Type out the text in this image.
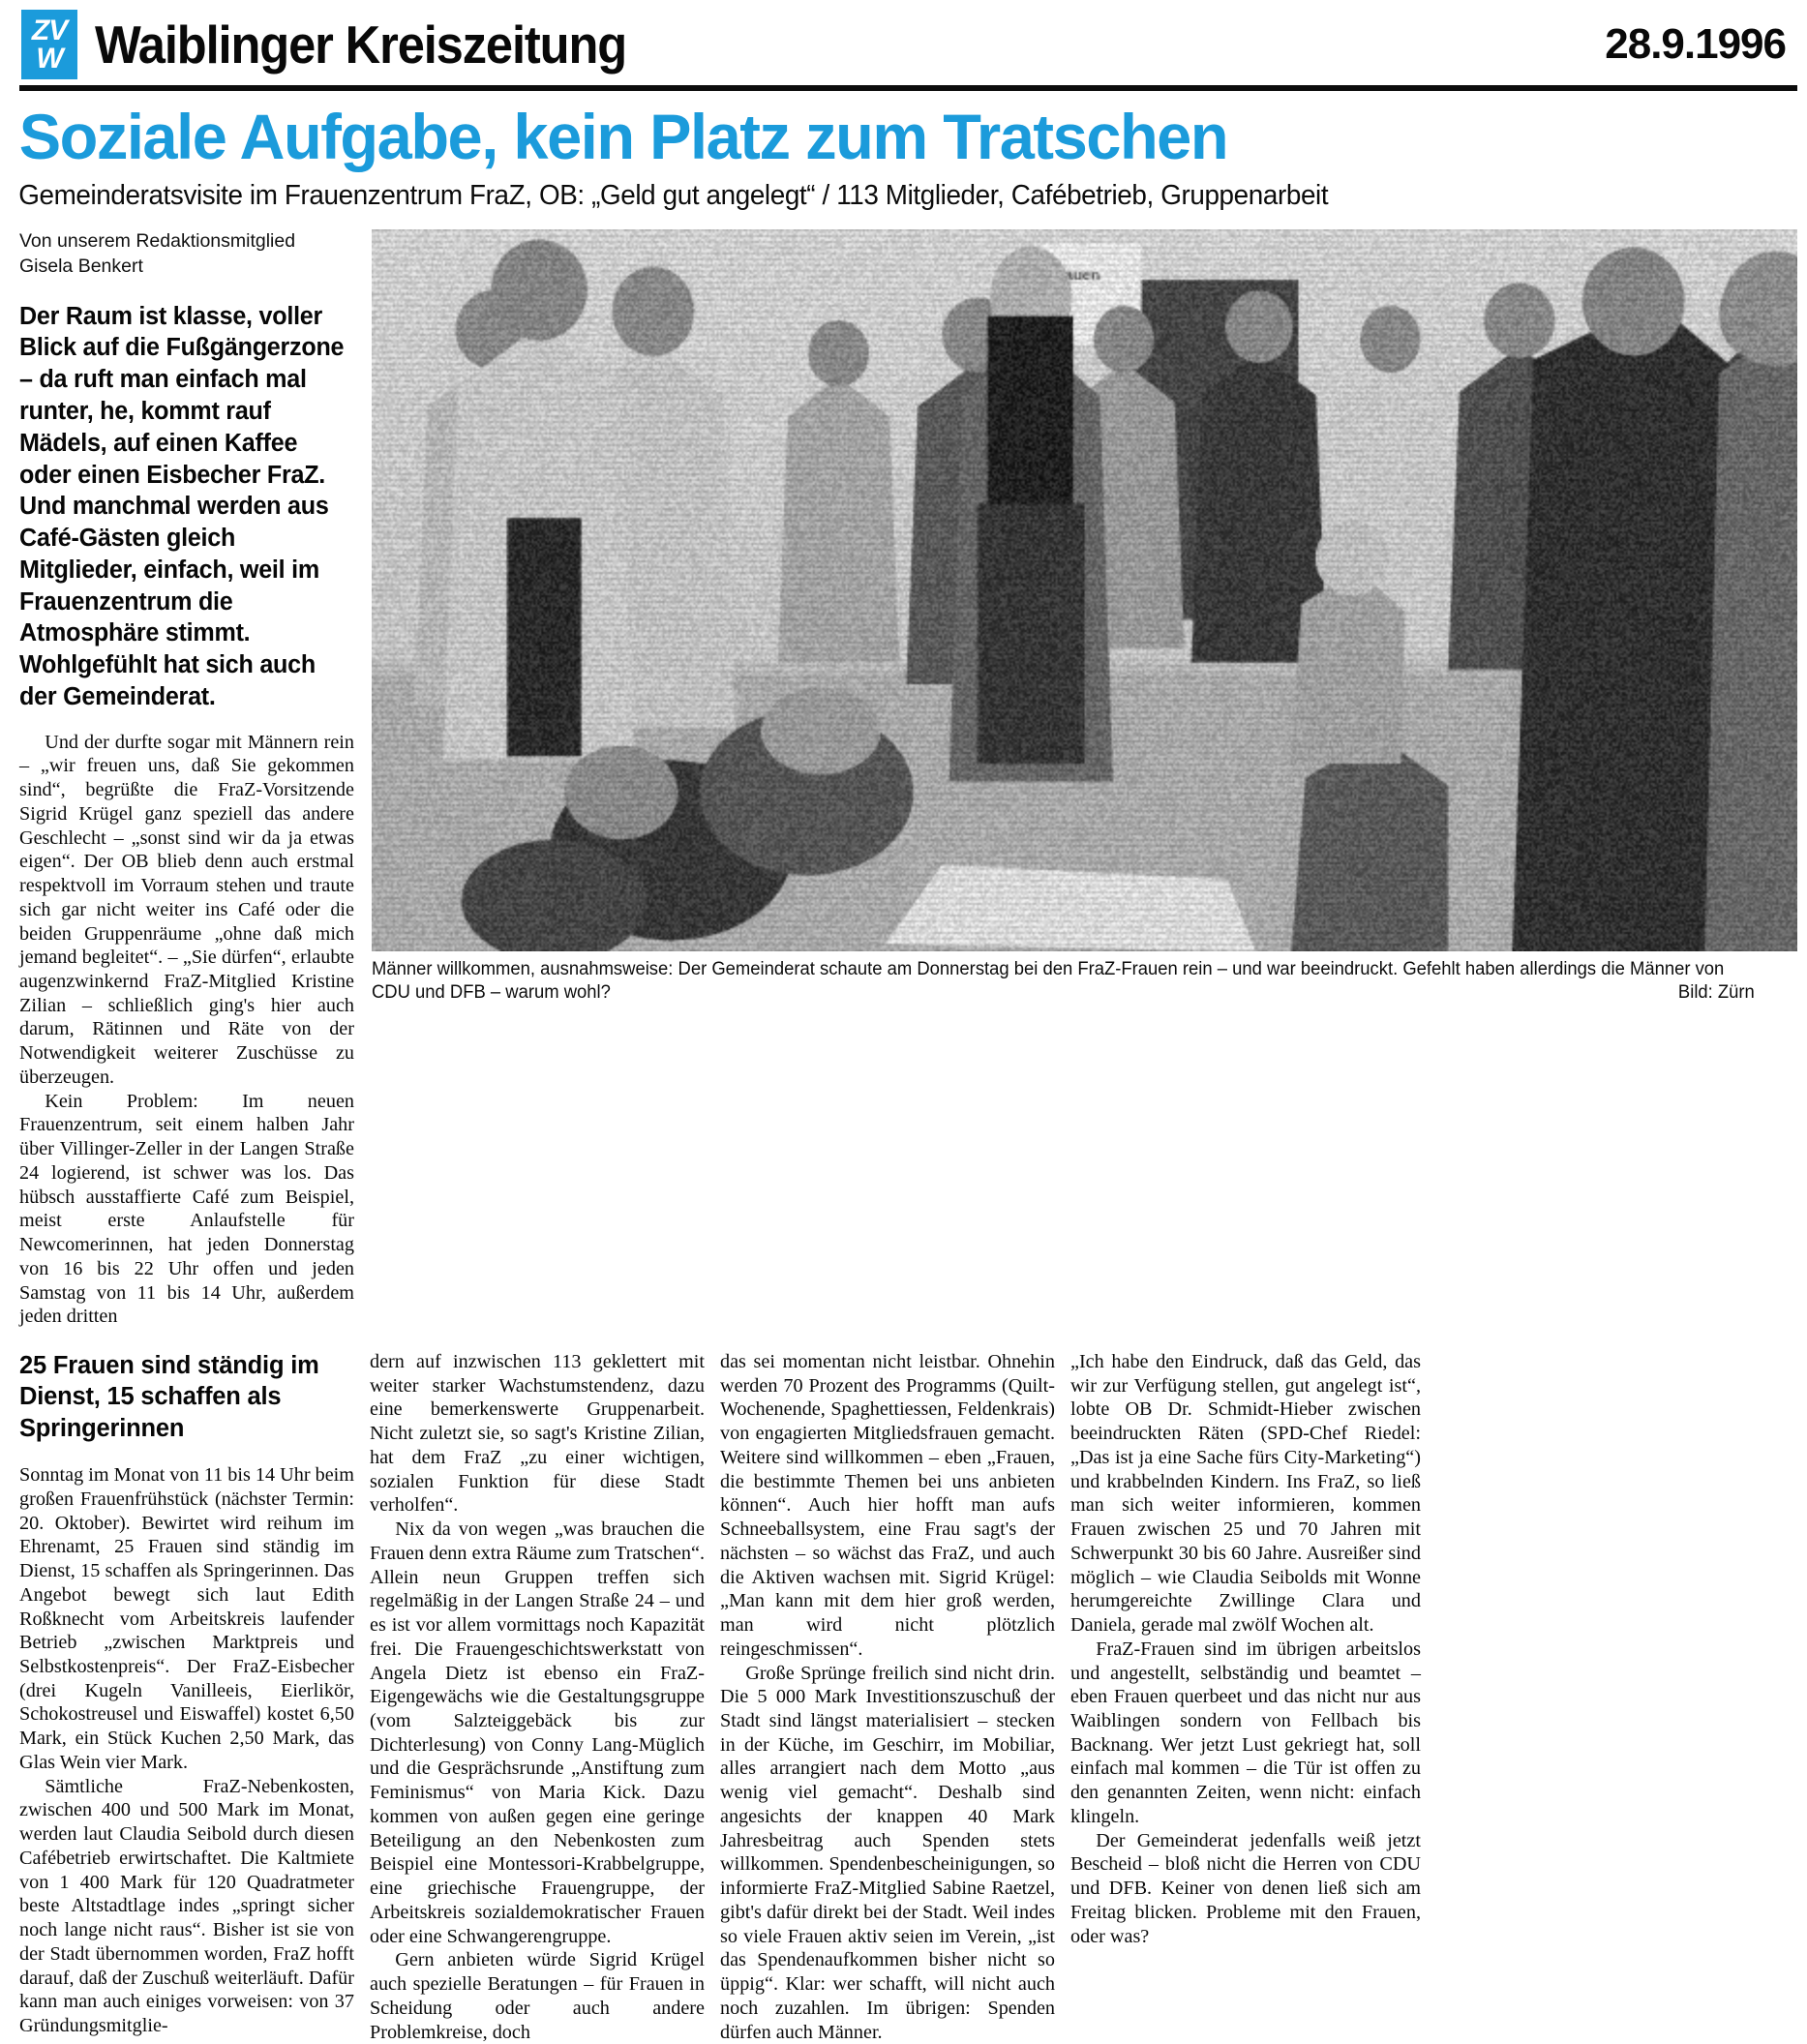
ZV
W Waiblinger Kreiszeitung	28.9.1996
Soziale Aufgabe, kein Platz zum Tratschen
Gemeinderatsvisite im Frauenzentrum FraZ, OB: „Geld gut angelegt“ / 113 Mitglieder, Cafébetrieb, Gruppenarbeit
Von unserem Redaktionsmitglied
Gisela Benkert
Der Raum ist klasse, voller Blick auf die Fußgängerzone – da ruft man einfach mal runter, he, kommt rauf Mädels, auf einen Kaffee oder einen Eisbecher FraZ. Und manchmal werden aus Café-Gästen gleich Mitglieder, einfach, weil im Frauenzentrum die Atmosphäre stimmt. Wohlgefühlt hat sich auch der Gemeinderat.

Und der durfte sogar mit Männern rein – „wir freuen uns, daß Sie gekommen sind“, begrüßte die FraZ-Vorsitzende Sigrid Krügel ganz speziell das andere Geschlecht – „sonst sind wir da ja etwas eigen“. Der OB blieb denn auch erstmal respektvoll im Vorraum stehen und traute sich gar nicht weiter ins Café oder die beiden Gruppenräume „ohne daß mich jemand begleitet“. – „Sie dürfen“, erlaubte augenzwinkernd FraZ-Mitglied Kristine Zilian – schließlich ging's hier auch darum, Rätinnen und Räte von der Notwendigkeit weiterer Zuschüsse zu überzeugen.

Kein Problem: Im neuen Frauenzentrum, seit einem halben Jahr über Villinger-Zeller in der Langen Straße 24 logierend, ist schwer was los. Das hübsch ausstaffierte Café zum Beispiel, meist erste Anlaufstelle für Newcomerinnen, hat jeden Donnerstag von 16 bis 22 Uhr offen und jeden Samstag von 11 bis 14 Uhr, außerdem jeden dritten

Männer willkommen, ausnahmsweise: Der Gemeinderat schaute am Donnerstag bei den FraZ-Frauen rein – und war beeindruckt. Gefehlt haben allerdings die Männer von CDU und DFB – warum wohl?	Bild: Zürn
25 Frauen sind ständig im Dienst, 15 schaffen als Springerinnen

Sonntag im Monat von 11 bis 14 Uhr beim großen Frauenfrühstück (nächster Termin: 20. Oktober). Bewirtet wird reihum im Ehrenamt, 25 Frauen sind ständig im Dienst, 15 schaffen als Springerinnen. Das Angebot bewegt sich laut Edith Roßknecht vom Arbeitskreis laufender Betrieb „zwischen Marktpreis und Selbstkostenpreis“. Der FraZ-Eisbecher (drei Kugeln Vanilleeis, Eierlikör, Schokostreusel und Eiswaffel) kostet 6,50 Mark, ein Stück Kuchen 2,50 Mark, das Glas Wein vier Mark.

Sämtliche FraZ-Nebenkosten, zwischen 400 und 500 Mark im Monat, werden laut Claudia Seibold durch diesen Cafébetrieb erwirtschaftet. Die Kaltmiete von 1 400 Mark für 120 Quadratmeter beste Altstadtlage indes „springt sicher noch lange nicht raus“. Bisher ist sie von der Stadt übernommen worden, FraZ hofft darauf, daß der Zuschuß weiterläuft. Dafür kann man auch einiges vorweisen: von 37 Gründungsmitglie-

dern auf inzwischen 113 geklettert mit weiter starker Wachstumstendenz, dazu eine bemerkenswerte Gruppenarbeit. Nicht zuletzt sie, so sagt's Kristine Zilian, hat dem FraZ „zu einer wichtigen, sozialen Funktion für diese Stadt verholfen“.

Nix da von wegen „was brauchen die Frauen denn extra Räume zum Tratschen“. Allein neun Gruppen treffen sich regelmäßig in der Langen Straße 24 – und es ist vor allem vormittags noch Kapazität frei. Die Frauengeschichtswerkstatt von Angela Dietz ist ebenso ein FraZ-Eigengewächs wie die Gestaltungsgruppe (vom Salzteiggebäck bis zur Dichterlesung) von Conny Lang-Müglich und die Gesprächsrunde „Anstiftung zum Feminismus“ von Maria Kick. Dazu kommen von außen gegen eine geringe Beteiligung an den Nebenkosten zum Beispiel eine Montessori-Krabbelgruppe, eine griechische Frauengruppe, der Arbeitskreis sozialdemokratischer Frauen oder eine Schwangerengruppe.

Gern anbieten würde Sigrid Krügel auch spezielle Beratungen – für Frauen in Scheidung oder auch andere Problemkreise, doch

das sei momentan nicht leistbar. Ohnehin werden 70 Prozent des Programms (Quilt-Wochenende, Spaghettiessen, Feldenkrais) von engagierten Mitgliedsfrauen gemacht. Weitere sind willkommen – eben „Frauen, die bestimmte Themen bei uns anbieten können“. Auch hier hofft man aufs Schneeballsystem, eine Frau sagt's der nächsten – so wächst das FraZ, und auch die Aktiven wachsen mit. Sigrid Krügel: „Man kann mit dem hier groß werden, man wird nicht plötzlich reingeschmissen“.

Große Sprünge freilich sind nicht drin. Die 5 000 Mark Investitionszuschuß der Stadt sind längst materialisiert – stecken in der Küche, im Geschirr, im Mobiliar, alles arrangiert nach dem Motto „aus wenig viel gemacht“. Deshalb sind angesichts der knappen 40 Mark Jahresbeitrag auch Spenden stets willkommen. Spendenbescheinigungen, so informierte FraZ-Mitglied Sabine Raetzel, gibt's dafür direkt bei der Stadt. Weil indes so viele Frauen aktiv seien im Verein, „ist das Spendenaufkommen bisher nicht so üppig“. Klar: wer schafft, will nicht auch noch zuzahlen. Im übrigen: Spenden dürfen auch Männer.

„Ich habe den Eindruck, daß das Geld, das wir zur Verfügung stellen, gut angelegt ist“, lobte OB Dr. Schmidt-Hieber zwischen beeindruckten Räten (SPD-Chef Riedel: „Das ist ja eine Sache fürs City-Marketing“) und krabbelnden Kindern. Ins FraZ, so ließ man sich weiter informieren, kommen Frauen zwischen 25 und 70 Jahren mit Schwerpunkt 30 bis 60 Jahre. Ausreißer sind möglich – wie Claudia Seibolds mit Wonne herumgereichte Zwillinge Clara und Daniela, gerade mal zwölf Wochen alt.

FraZ-Frauen sind im übrigen arbeitslos und angestellt, selbständig und beamtet – eben Frauen querbeet und das nicht nur aus Waiblingen sondern von Fellbach bis Backnang. Wer jetzt Lust gekriegt hat, soll einfach mal kommen – die Tür ist offen zu den genannten Zeiten, wenn nicht: einfach klingeln.

Der Gemeinderat jedenfalls weiß jetzt Bescheid – bloß nicht die Herren von CDU und DFB. Keiner von denen ließ sich am Freitag blicken. Probleme mit den Frauen, oder was?
